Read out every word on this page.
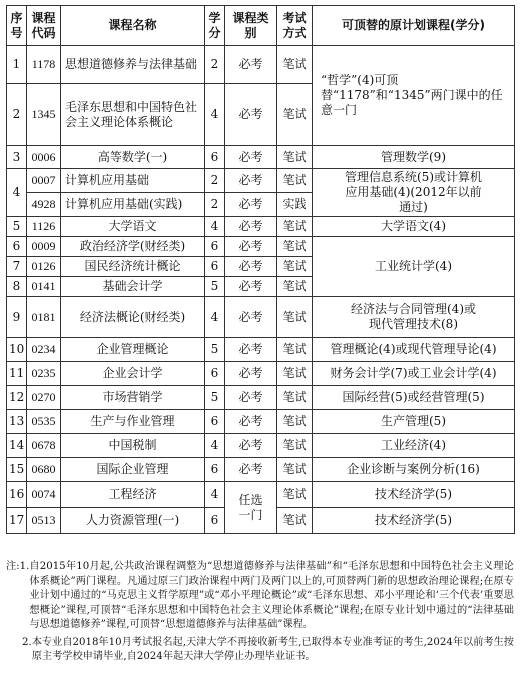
序号	课程代码	课程名称	学分	课程类别	考试方式	可顶替的原计划课程(学分)
1	1178	思想道德修养与法律基础	2	必考	笔试	“哲学”(4)可顶替“1178”和“1345”两门课中的任意一门
2	1345	毛泽东思想和中国特色社会主义理论体系概论	4	必考	笔试	
3	0006	高等数学(一)	6	必考	笔试	管理数学(9)
4	0007	计算机应用基础	2	必考	笔试	管理信息系统(5)或计算机应用基础(4)(2012年以前通过)
	4928	计算机应用基础(实践)	2	必考	实践	
5	1126	大学语文	4	必考	笔试	大学语文(4)
6	0009	政治经济学(财经类)	6	必考	笔试	工业统计学(4)
7	0126	国民经济统计概论	6	必考	笔试	
8	0141	基础会计学	5	必考	笔试	
9	0181	经济法概论(财经类)	4	必考	笔试	经济法与合同管理(4)或现代管理技术(8)
10	0234	企业管理概论	5	必考	笔试	管理概论(4)或现代管理导论(4)
11	0235	企业会计学	6	必考	笔试	财务会计学(7)或工业会计学(4)
12	0270	市场营销学	5	必考	笔试	国际经营(5)或经营管理(5)
13	0535	生产与作业管理	6	必考	笔试	生产管理(5)
14	0678	中国税制	4	必考	笔试	工业经济(4)
15	0680	国际企业管理	6	必考	笔试	企业诊断与案例分析(16)
16	0074	工程经济	4	任选一门	笔试	技术经济学(5)
17	0513	人力资源管理(一)	6		笔试	技术经济学(5)
注:1. 自2015年10月起,公共政治课程调整为“思想道德修养与法律基础”和“毛泽东思想和中国特色社会主义理论体系概论”两门课程。凡通过原三门政治课程中两门及两门以上的,可顶替两门新的思想政治理论课程;在原专业计划中通过的“马克思主义哲学原理”或“邓小平理论概论”或“毛泽东思想、邓小平理论和‘三个代表’重要思想概论”课程,可顶替“毛泽东思想和中国特色社会主义理论体系概论”课程;在原专业计划中通过的“法律基础与思想道德修养”课程,可顶替“思想道德修养与法律基础”课程。
2. 本专业自2018年10月考试报名起,天津大学不再接收新考生,已取得本专业准考证的考生,2024年以前考生按原主考学校申请毕业,自2024年起天津大学停止办理毕业证书。
